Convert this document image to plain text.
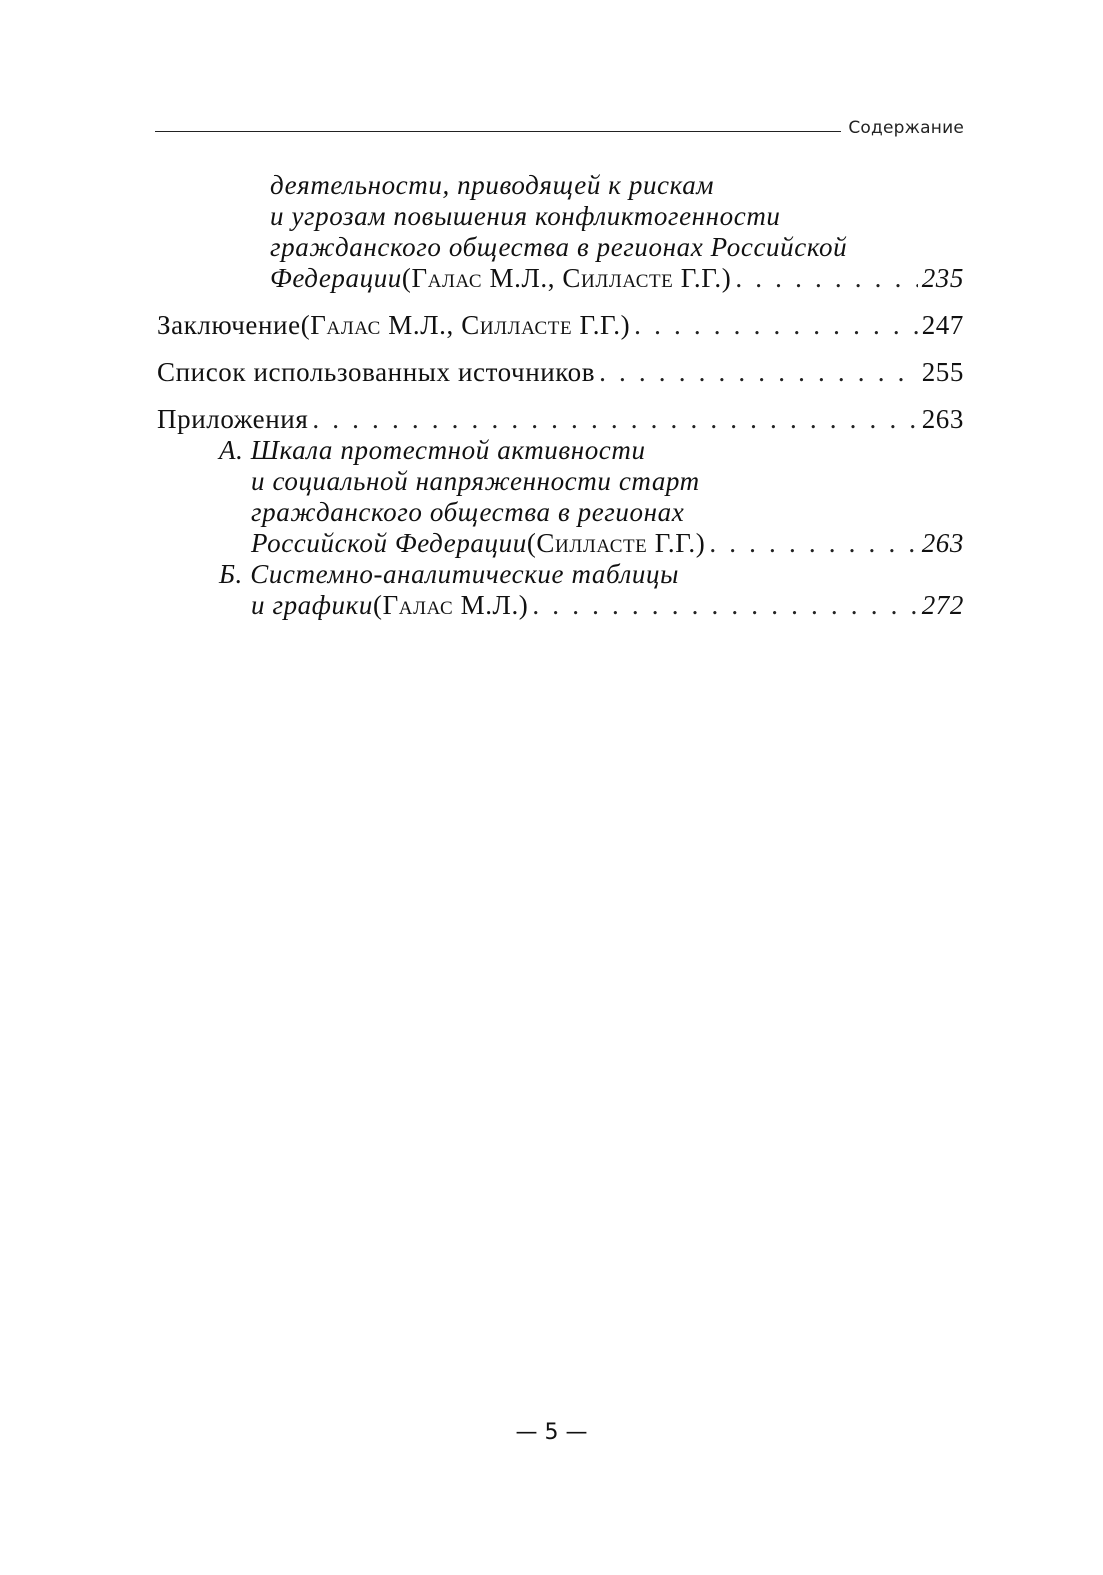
Содержание
деятельности, приводящей к рискам
и угрозам повышения конфликтогенности
гражданского общества в регионах Российской
Федерации (Галас М.Л., Силласте Г.Г.) . . .	235
Заключение (Галас М.Л., Силласте Г.Г.) . . .	247
Список использованных источников . . .	255
Приложения . . .	263
А. Шкала протестной активности
и социальной напряженности старт
гражданского общества в регионах
Российской Федерации (Силласте Г.Г.) . . .	263
Б. Системно-аналитические таблицы
и графики (Галас М.Л.) . . .	272
— 5 —
